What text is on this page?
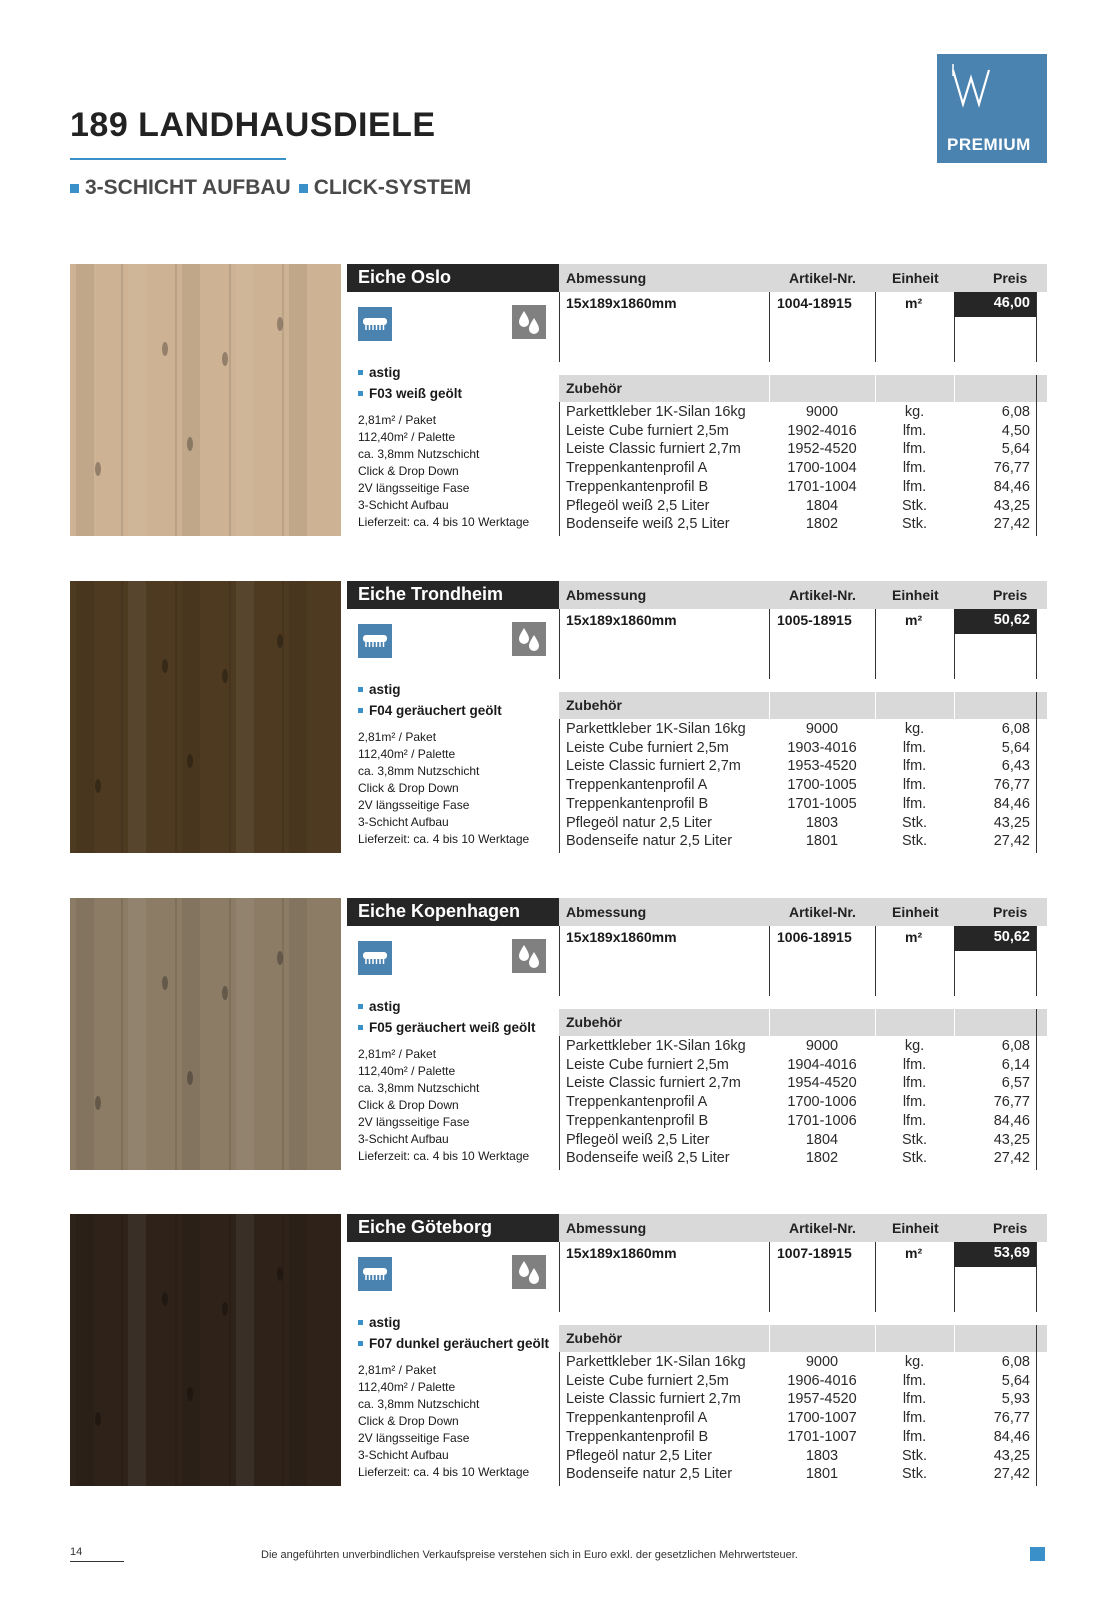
189 LANDHAUSDIELE
3-SCHICHT AUFBAU CLICK-SYSTEM
PREMIUM
Eiche Oslo
astig
F03 weiß geölt
2,81m² / Paket
112,40m² / Palette
ca. 3,8mm Nutzschicht
Click & Drop Down
2V längsseitige Fase
3-Schicht Aufbau
Lieferzeit: ca. 4 bis 10 Werktage
Abmessung	Artikel-Nr.	Einheit	Preis
15x189x1860mm	1004-18915	m²	46,00
Zubehör
Parkettkleber 1K-Silan 16kg	9000	kg.	6,08
Leiste Cube furniert 2,5m	1902-4016	lfm.	4,50
Leiste Classic furniert 2,7m	1952-4520	lfm.	5,64
Treppenkantenprofil A	1700-1004	lfm.	76,77
Treppenkantenprofil B	1701-1004	lfm.	84,46
Pflegeöl weiß 2,5 Liter	1804	Stk.	43,25
Bodenseife weiß 2,5 Liter	1802	Stk.	27,42
Eiche Trondheim
astig
F04 geräuchert geölt
2,81m² / Paket
112,40m² / Palette
ca. 3,8mm Nutzschicht
Click & Drop Down
2V längsseitige Fase
3-Schicht Aufbau
Lieferzeit: ca. 4 bis 10 Werktage
Abmessung	Artikel-Nr.	Einheit	Preis
15x189x1860mm	1005-18915	m²	50,62
Zubehör
Parkettkleber 1K-Silan 16kg	9000	kg.	6,08
Leiste Cube furniert 2,5m	1903-4016	lfm.	5,64
Leiste Classic furniert 2,7m	1953-4520	lfm.	6,43
Treppenkantenprofil A	1700-1005	lfm.	76,77
Treppenkantenprofil B	1701-1005	lfm.	84,46
Pflegeöl natur 2,5 Liter	1803	Stk.	43,25
Bodenseife natur 2,5 Liter	1801	Stk.	27,42
Eiche Kopenhagen
astig
F05 geräuchert weiß geölt
2,81m² / Paket
112,40m² / Palette
ca. 3,8mm Nutzschicht
Click & Drop Down
2V längsseitige Fase
3-Schicht Aufbau
Lieferzeit: ca. 4 bis 10 Werktage
Abmessung	Artikel-Nr.	Einheit	Preis
15x189x1860mm	1006-18915	m²	50,62
Zubehör
Parkettkleber 1K-Silan 16kg	9000	kg.	6,08
Leiste Cube furniert 2,5m	1904-4016	lfm.	6,14
Leiste Classic furniert 2,7m	1954-4520	lfm.	6,57
Treppenkantenprofil A	1700-1006	lfm.	76,77
Treppenkantenprofil B	1701-1006	lfm.	84,46
Pflegeöl weiß 2,5 Liter	1804	Stk.	43,25
Bodenseife weiß 2,5 Liter	1802	Stk.	27,42
Eiche Göteborg
astig
F07 dunkel geräuchert geölt
2,81m² / Paket
112,40m² / Palette
ca. 3,8mm Nutzschicht
Click & Drop Down
2V längsseitige Fase
3-Schicht Aufbau
Lieferzeit: ca. 4 bis 10 Werktage
Abmessung	Artikel-Nr.	Einheit	Preis
15x189x1860mm	1007-18915	m²	53,69
Zubehör
Parkettkleber 1K-Silan 16kg	9000	kg.	6,08
Leiste Cube furniert 2,5m	1906-4016	lfm.	5,64
Leiste Classic furniert 2,7m	1957-4520	lfm.	5,93
Treppenkantenprofil A	1700-1007	lfm.	76,77
Treppenkantenprofil B	1701-1007	lfm.	84,46
Pflegeöl natur 2,5 Liter	1803	Stk.	43,25
Bodenseife natur 2,5 Liter	1801	Stk.	27,42
14	Die angeführten unverbindlichen Verkaufspreise verstehen sich in Euro exkl. der gesetzlichen Mehrwertsteuer.
